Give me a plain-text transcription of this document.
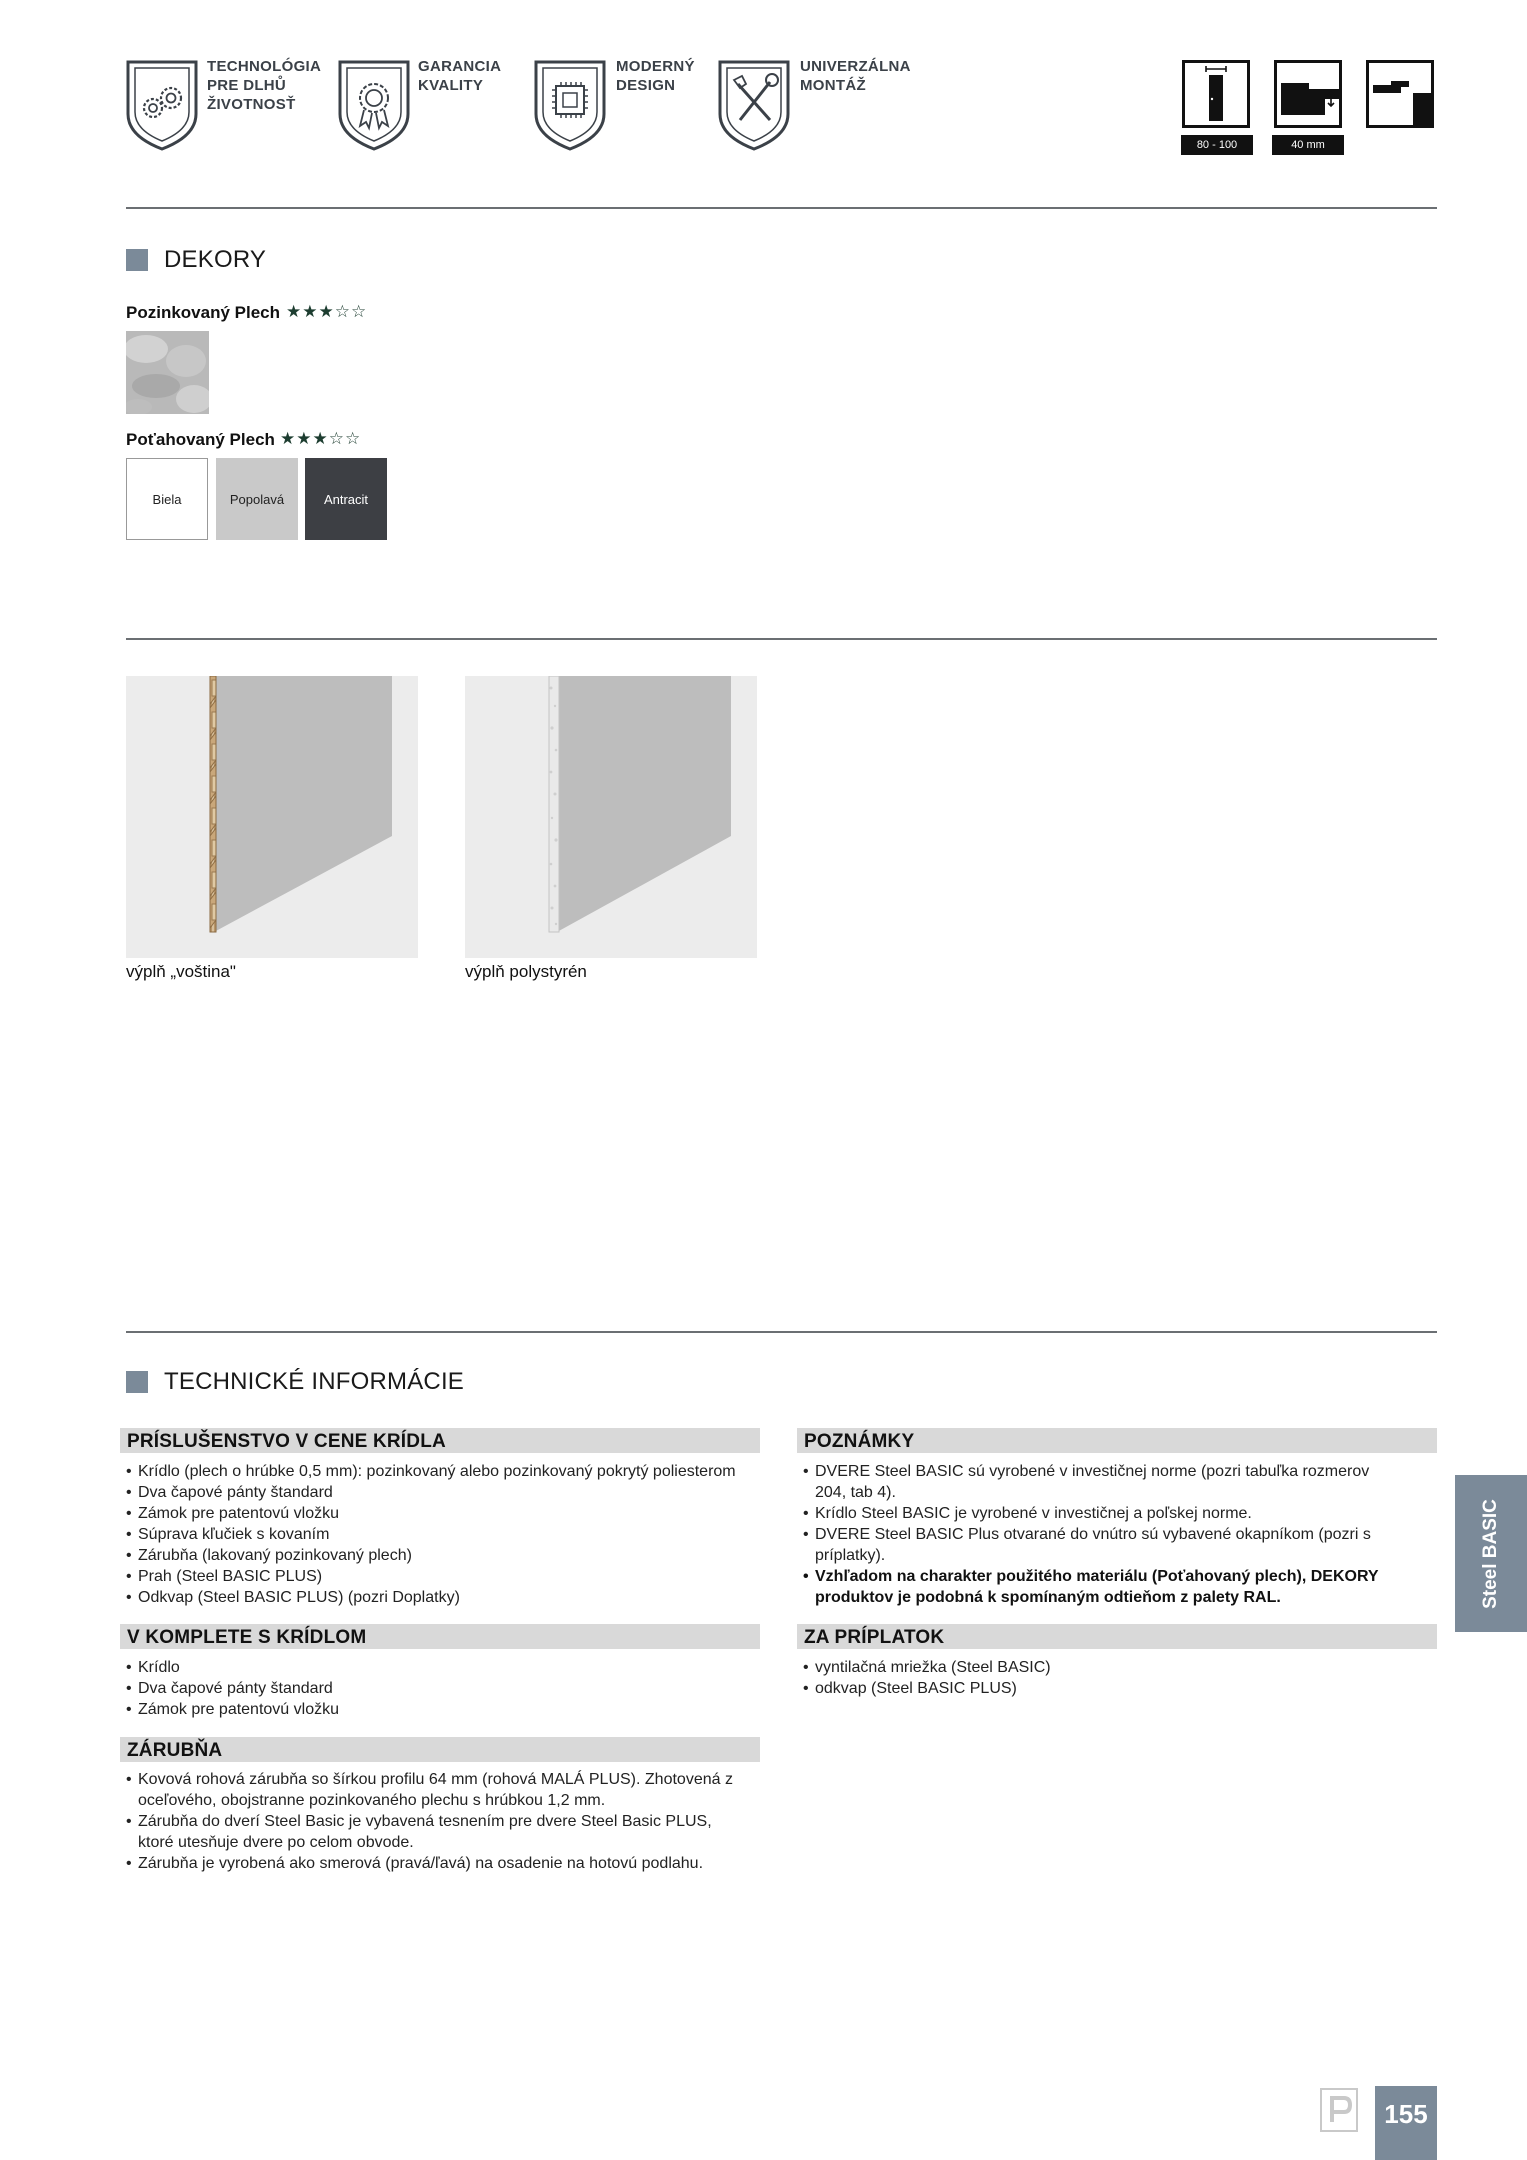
TECHNOLÓGIA
PRE DLHŮ
ŽIVOTNOSŤ
GARANCIA
KVALITY
MODERNÝ
DESIGN
UNIVERZÁLNA
MONTÁŽ
80 - 100	40 mm
DEKORY
Pozinkovaný Plech ★★★☆☆
Poťahovaný Plech ★★★☆☆
Biela	Popolavá	Antracit
výplň „voština"	výplň polystyrén
TECHNICKÉ INFORMÁCIE
PRÍSLUŠENSTVO V CENE KRÍDLA
• Krídlo (plech o hrúbke 0,5 mm): pozinkovaný alebo pozinkovaný pokrytý poliesterom
• Dva čapové pánty štandard
• Zámok pre patentovú vložku
• Súprava kľučiek s kovaním
• Zárubňa (lakovaný pozinkovaný plech)
• Prah (Steel BASIC PLUS)
• Odkvap (Steel BASIC PLUS) (pozri Doplatky)
V KOMPLETE S KRÍDLOM
• Krídlo
• Dva čapové pánty štandard
• Zámok pre patentovú vložku
ZÁRUBŇA
• Kovová rohová zárubňa so šírkou profilu 64 mm (rohová MALÁ PLUS). Zhotovená z oceľového, obojstranne pozinkovaného plechu s hrúbkou 1,2 mm.
• Zárubňa do dverí Steel Basic je vybavená tesnením pre dvere Steel Basic PLUS, ktoré utesňuje dvere po celom obvode.
• Zárubňa je vyrobená ako smerová (pravá/ľavá) na osadenie na hotovú podlahu.
POZNÁMKY
• DVERE Steel BASIC sú vyrobené v investičnej norme (pozri tabuľka rozmerov 204, tab 4).
• Krídlo Steel BASIC je vyrobené v investičnej a poľskej norme.
• DVERE Steel BASIC Plus otvarané do vnútro sú vybavené okapníkom (pozri s príplatky).
• Vzhľadom na charakter použitého materiálu (Poťahovaný plech), DEKORY produktov je podobná k spomínaným odtieňom z palety RAL.
ZA PRÍPLATOK
• vyntilačná mriežka (Steel BASIC)
• odkvap (Steel BASIC PLUS)
Steel BASIC
155
